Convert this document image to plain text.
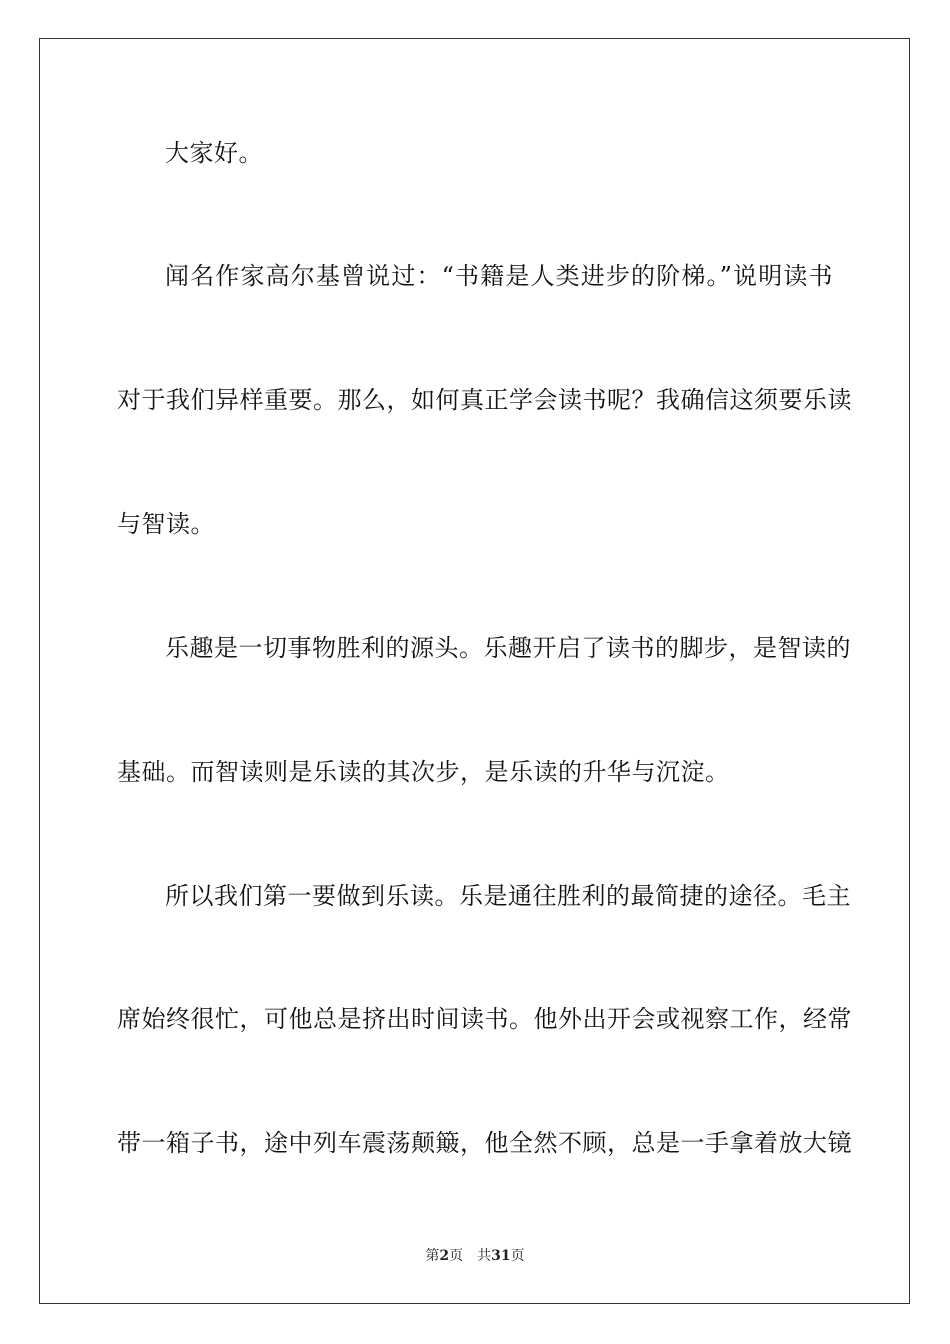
大家好。
闻名作家高尔基曾说过：“书籍是人类进步的阶梯。”说明读书
对于我们异样重要。那么，如何真正学会读书呢？我确信这须要乐读
与智读。
乐趣是一切事物胜利的源头。乐趣开启了读书的脚步，是智读的
基础。而智读则是乐读的其次步，是乐读的升华与沉淀。
所以我们第一要做到乐读。乐是通往胜利的最简捷的途径。毛主
席始终很忙，可他总是挤出时间读书。他外出开会或视察工作，经常
带一箱子书，途中列车震荡颠簸，他全然不顾，总是一手拿着放大镜
第2页 共31页
